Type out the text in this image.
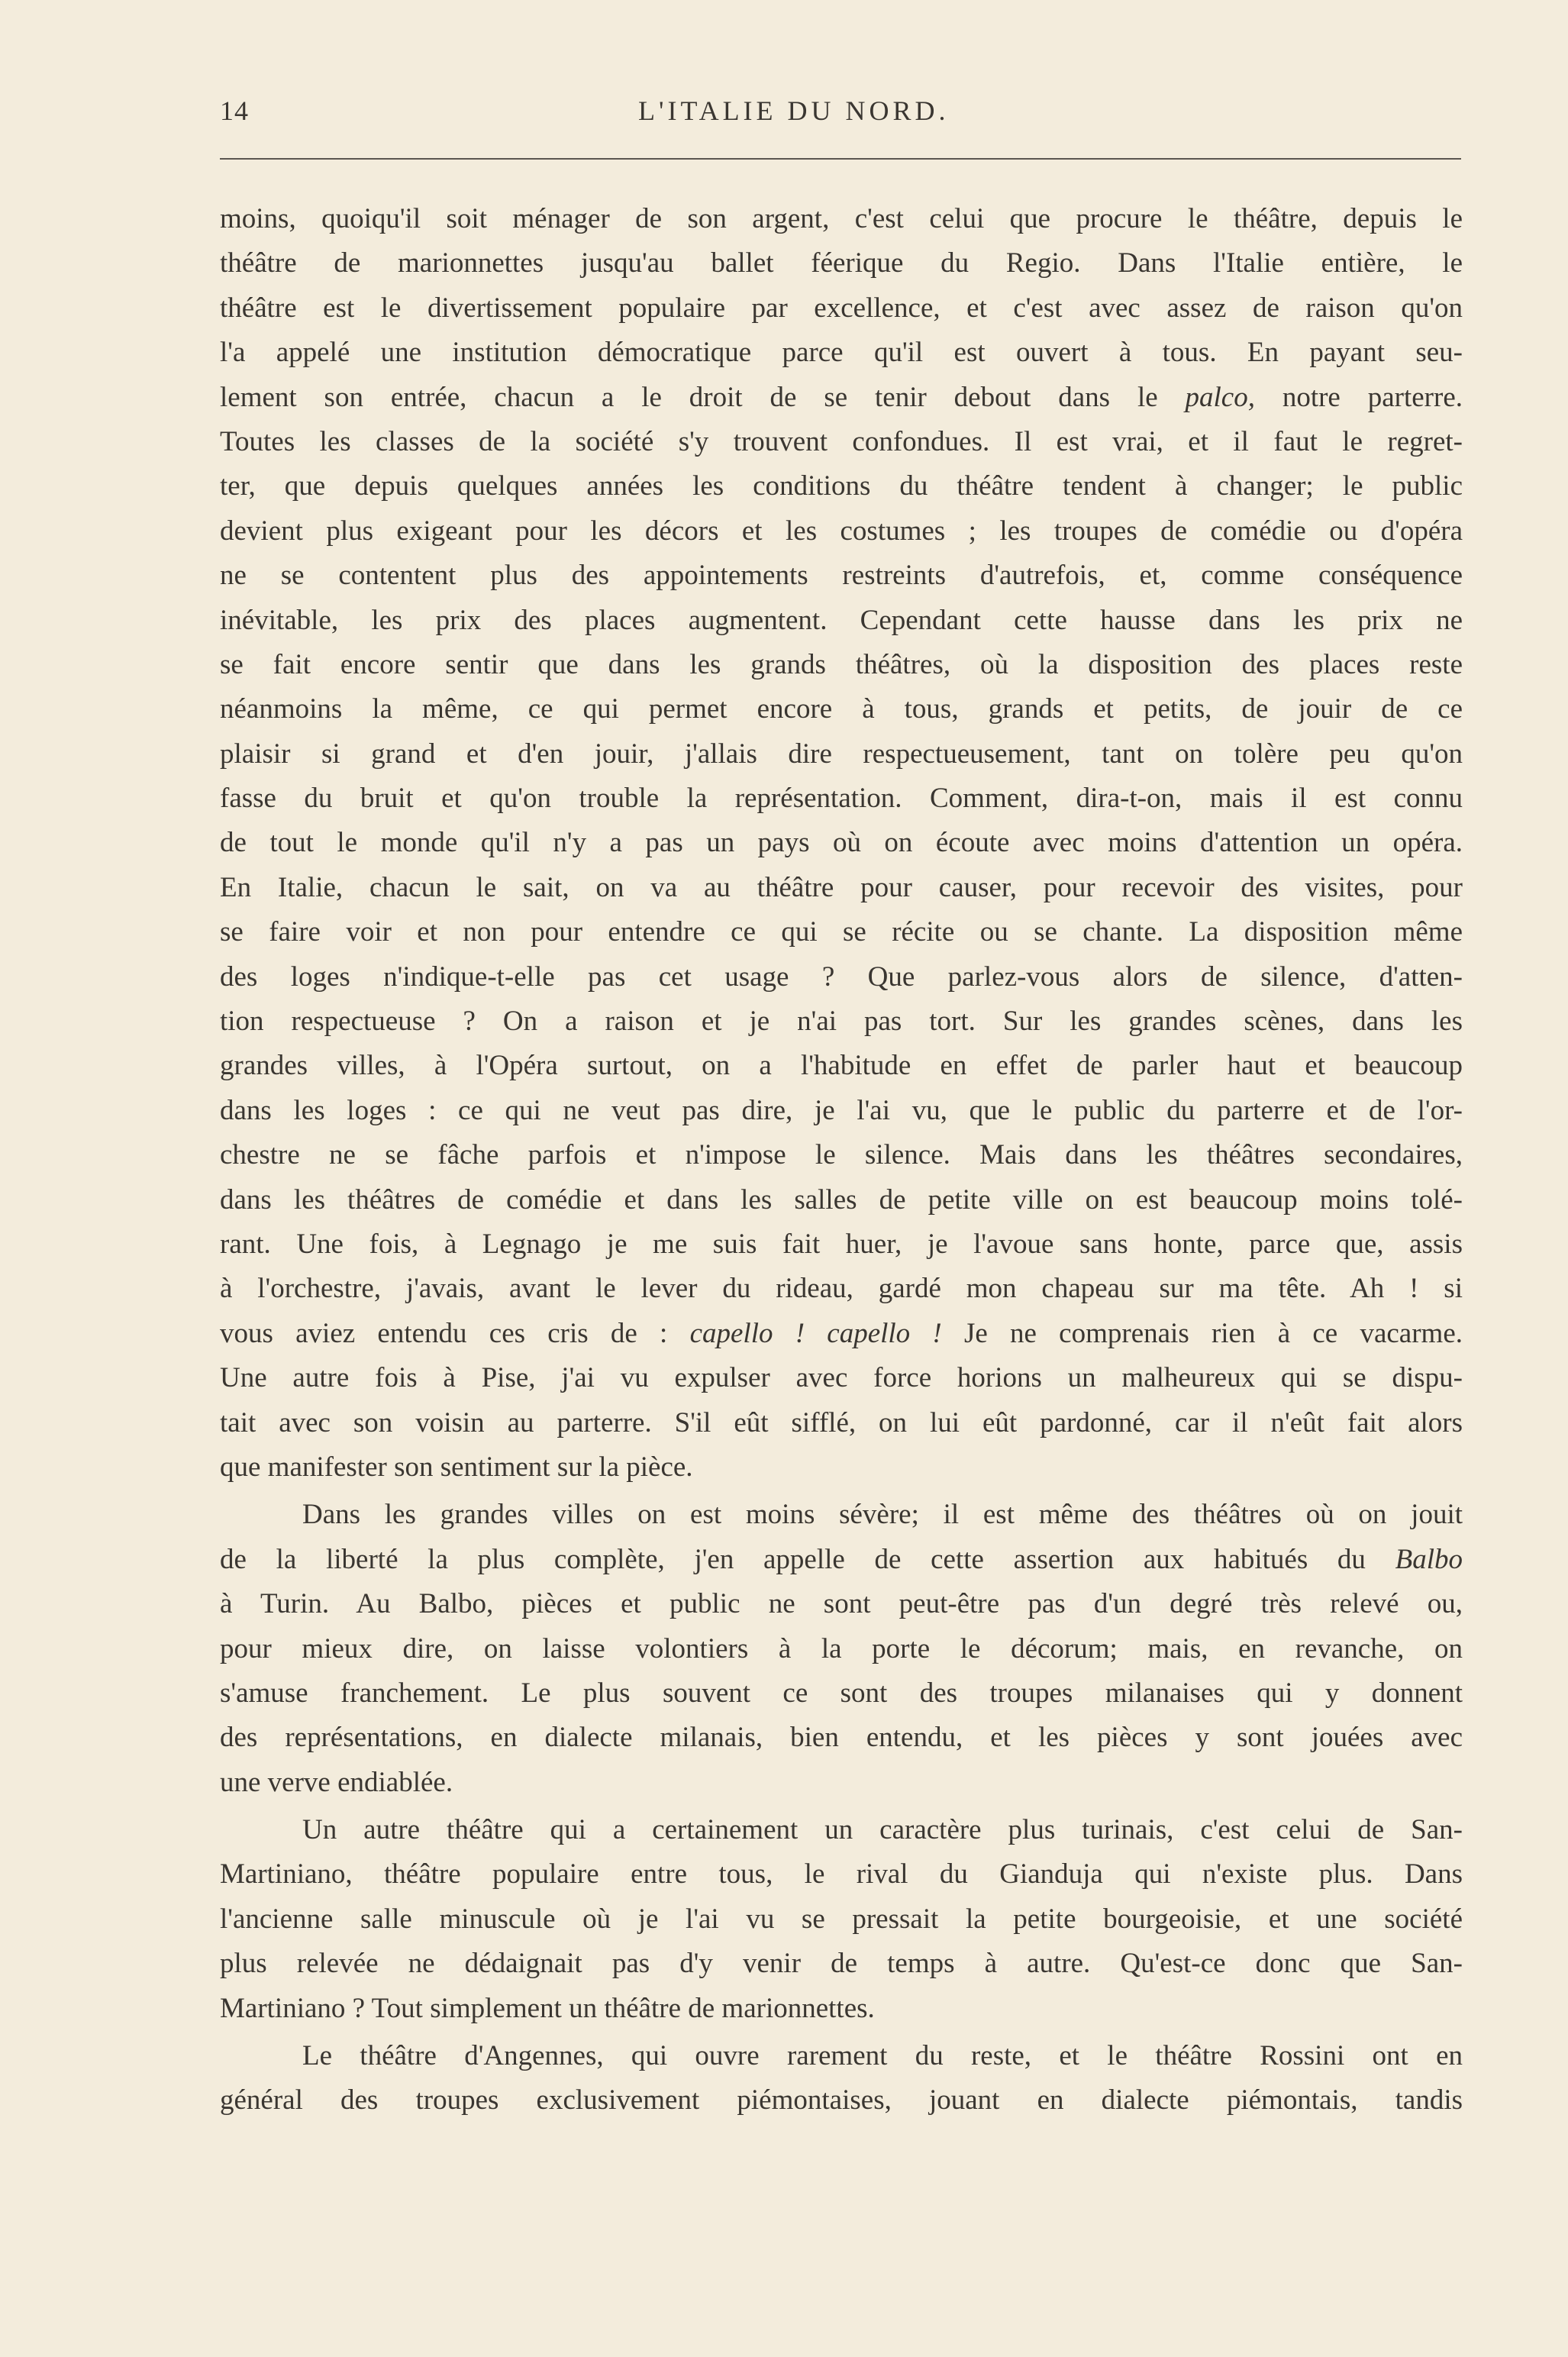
14	L'ITALIE DU NORD.
moins, quoiqu'il soit ménager de son argent, c'est celui que procure le théâtre, depuis le
théâtre de marionnettes jusqu'au ballet féerique du Regio. Dans l'Italie entière, le
théâtre est le divertissement populaire par excellence, et c'est avec assez de raison qu'on
l'a appelé une institution démocratique parce qu'il est ouvert à tous. En payant seu-
lement son entrée, chacun a le droit de se tenir debout dans le palco, notre parterre.
Toutes les classes de la société s'y trouvent confondues. Il est vrai, et il faut le regret-
ter, que depuis quelques années les conditions du théâtre tendent à changer; le public
devient plus exigeant pour les décors et les costumes ; les troupes de comédie ou d'opéra
ne se contentent plus des appointements restreints d'autrefois, et, comme conséquence
inévitable, les prix des places augmentent. Cependant cette hausse dans les prix ne
se fait encore sentir que dans les grands théâtres, où la disposition des places reste
néanmoins la même, ce qui permet encore à tous, grands et petits, de jouir de ce
plaisir si grand et d'en jouir, j'allais dire respectueusement, tant on tolère peu qu'on
fasse du bruit et qu'on trouble la représentation. Comment, dira-t-on, mais il est connu
de tout le monde qu'il n'y a pas un pays où on écoute avec moins d'attention un opéra.
En Italie, chacun le sait, on va au théâtre pour causer, pour recevoir des visites, pour
se faire voir et non pour entendre ce qui se récite ou se chante. La disposition même
des loges n'indique-t-elle pas cet usage ? Que parlez-vous alors de silence, d'atten-
tion respectueuse ? On a raison et je n'ai pas tort. Sur les grandes scènes, dans les
grandes villes, à l'Opéra surtout, on a l'habitude en effet de parler haut et beaucoup
dans les loges : ce qui ne veut pas dire, je l'ai vu, que le public du parterre et de l'or-
chestre ne se fâche parfois et n'impose le silence. Mais dans les théâtres secondaires,
dans les théâtres de comédie et dans les salles de petite ville on est beaucoup moins tolé-
rant. Une fois, à Legnago je me suis fait huer, je l'avoue sans honte, parce que, assis
à l'orchestre, j'avais, avant le lever du rideau, gardé mon chapeau sur ma tête. Ah ! si
vous aviez entendu ces cris de : capello ! capello ! Je ne comprenais rien à ce vacarme.
Une autre fois à Pise, j'ai vu expulser avec force horions un malheureux qui se dispu-
tait avec son voisin au parterre. S'il eût sifflé, on lui eût pardonné, car il n'eût fait alors
que manifester son sentiment sur la pièce.
Dans les grandes villes on est moins sévère; il est même des théâtres où on jouit
de la liberté la plus complète, j'en appelle de cette assertion aux habitués du Balbo
à Turin. Au Balbo, pièces et public ne sont peut-être pas d'un degré très relevé ou,
pour mieux dire, on laisse volontiers à la porte le décorum; mais, en revanche, on
s'amuse franchement. Le plus souvent ce sont des troupes milanaises qui y donnent
des représentations, en dialecte milanais, bien entendu, et les pièces y sont jouées avec
une verve endiablée.
Un autre théâtre qui a certainement un caractère plus turinais, c'est celui de San-
Martiniano, théâtre populaire entre tous, le rival du Gianduja qui n'existe plus. Dans
l'ancienne salle minuscule où je l'ai vu se pressait la petite bourgeoisie, et une société
plus relevée ne dédaignait pas d'y venir de temps à autre. Qu'est-ce donc que San-
Martiniano ? Tout simplement un théâtre de marionnettes.
Le théâtre d'Angennes, qui ouvre rarement du reste, et le théâtre Rossini ont en
général des troupes exclusivement piémontaises, jouant en dialecte piémontais, tandis
